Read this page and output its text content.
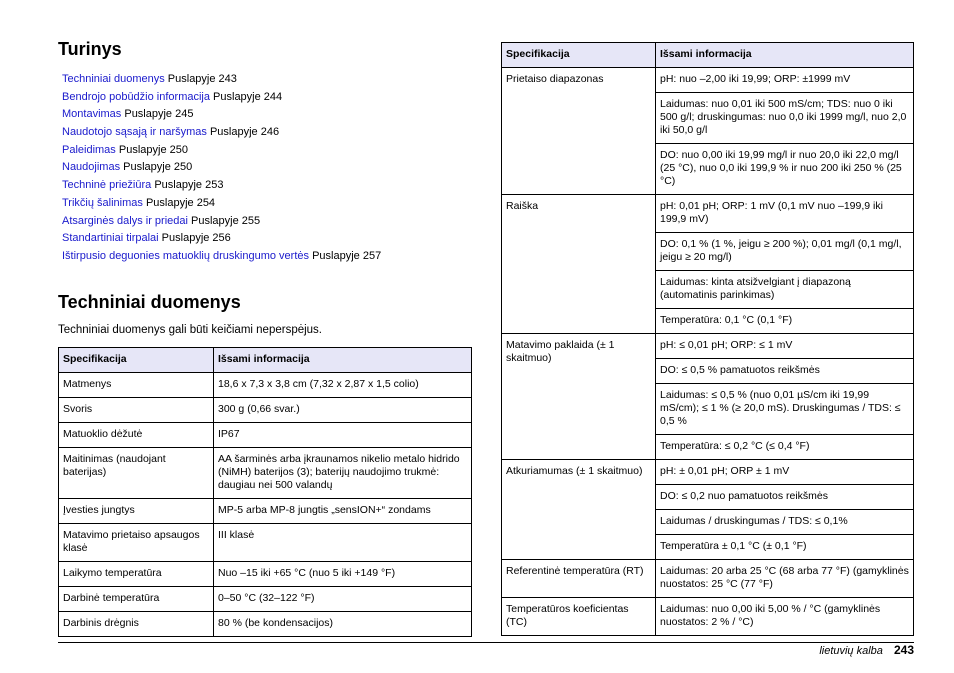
Turinys
Techniniai duomenys Puslapyje 243
Bendrojo pobūdžio informacija Puslapyje 244
Montavimas Puslapyje 245
Naudotojo sąsają ir naršymas Puslapyje 246
Paleidimas Puslapyje 250
Naudojimas Puslapyje 250
Techninė priežiūra Puslapyje 253
Trikčių šalinimas Puslapyje 254
Atsarginės dalys ir priedai Puslapyje 255
Standartiniai tirpalai Puslapyje 256
Ištirpusio deguonies matuoklių druskingumo vertės Puslapyje 257
Techniniai duomenys

Techniniai duomenys gali būti keičiami neperspėjus.

Specifikacija	Išsami informacija
Matmenys	18,6 x 7,3 x 3,8 cm (7,32 x 2,87 x 1,5 colio)
Svoris	300 g (0,66 svar.)
Matuoklio dėžutė	IP67
Maitinimas (naudojant baterijas)	AA šarminės arba įkraunamos nikelio metalo hidrido (NiMH) baterijos (3); baterijų naudojimo trukmė: daugiau nei 500 valandų
Įvesties jungtys	MP-5 arba MP-8 jungtis „sensION+“ zondams
Matavimo prietaiso apsaugos klasė	III klasė
Laikymo temperatūra	Nuo –15 iki +65 °C (nuo 5 iki +149 °F)
Darbinė temperatūra	0–50 °C (32–122 °F)
Darbinis drėgnis	80 % (be kondensacijos)
Specifikacija	Išsami informacija
Prietaiso diapazonas	pH: nuo –2,00 iki 19,99; ORP: ±1999 mV
	Laidumas: nuo 0,01 iki 500 mS/cm; TDS: nuo 0 iki 500 g/l; druskingumas: nuo 0,0 iki 1999 mg/l, nuo 2,0 iki 50,0 g/l
	DO: nuo 0,00 iki 19,99 mg/l ir nuo 20,0 iki 22,0 mg/l (25 °C), nuo 0,0 iki 199,9 % ir nuo 200 iki 250 % (25 °C)
Raiška	pH: 0,01 pH; ORP: 1 mV (0,1 mV nuo –199,9 iki 199,9 mV)
	DO: 0,1 % (1 %, jeigu ≥ 200 %); 0,01 mg/l (0,1 mg/l, jeigu ≥ 20 mg/l)
	Laidumas: kinta atsižvelgiant į diapazoną (automatinis parinkimas)
	Temperatūra: 0,1 °C (0,1 °F)
Matavimo paklaida (± 1 skaitmuo)	pH: ≤ 0,01 pH; ORP: ≤ 1 mV
	DO: ≤ 0,5 % pamatuotos reikšmės
	Laidumas: ≤ 0,5 % (nuo 0,01 µS/cm iki 19,99 mS/cm); ≤ 1 % (≥ 20,0 mS). Druskingumas / TDS: ≤ 0,5 %
	Temperatūra: ≤ 0,2 °C (≤ 0,4 °F)
Atkuriamumas (± 1 skaitmuo)	pH: ± 0,01 pH; ORP ± 1 mV
	DO: ≤ 0,2 nuo pamatuotos reikšmės
	Laidumas / druskingumas / TDS: ≤ 0,1%
	Temperatūra ± 0,1 °C (± 0,1 °F)
Referentinė temperatūra (RT)	Laidumas: 20 arba 25 °C (68 arba 77 °F) (gamyklinės nuostatos: 25 °C (77 °F)
Temperatūros koeficientas (TC)	Laidumas: nuo 0,00 iki 5,00 % / °C (gamyklinės nuostatos: 2 % / °C)
lietuvių kalba 243
